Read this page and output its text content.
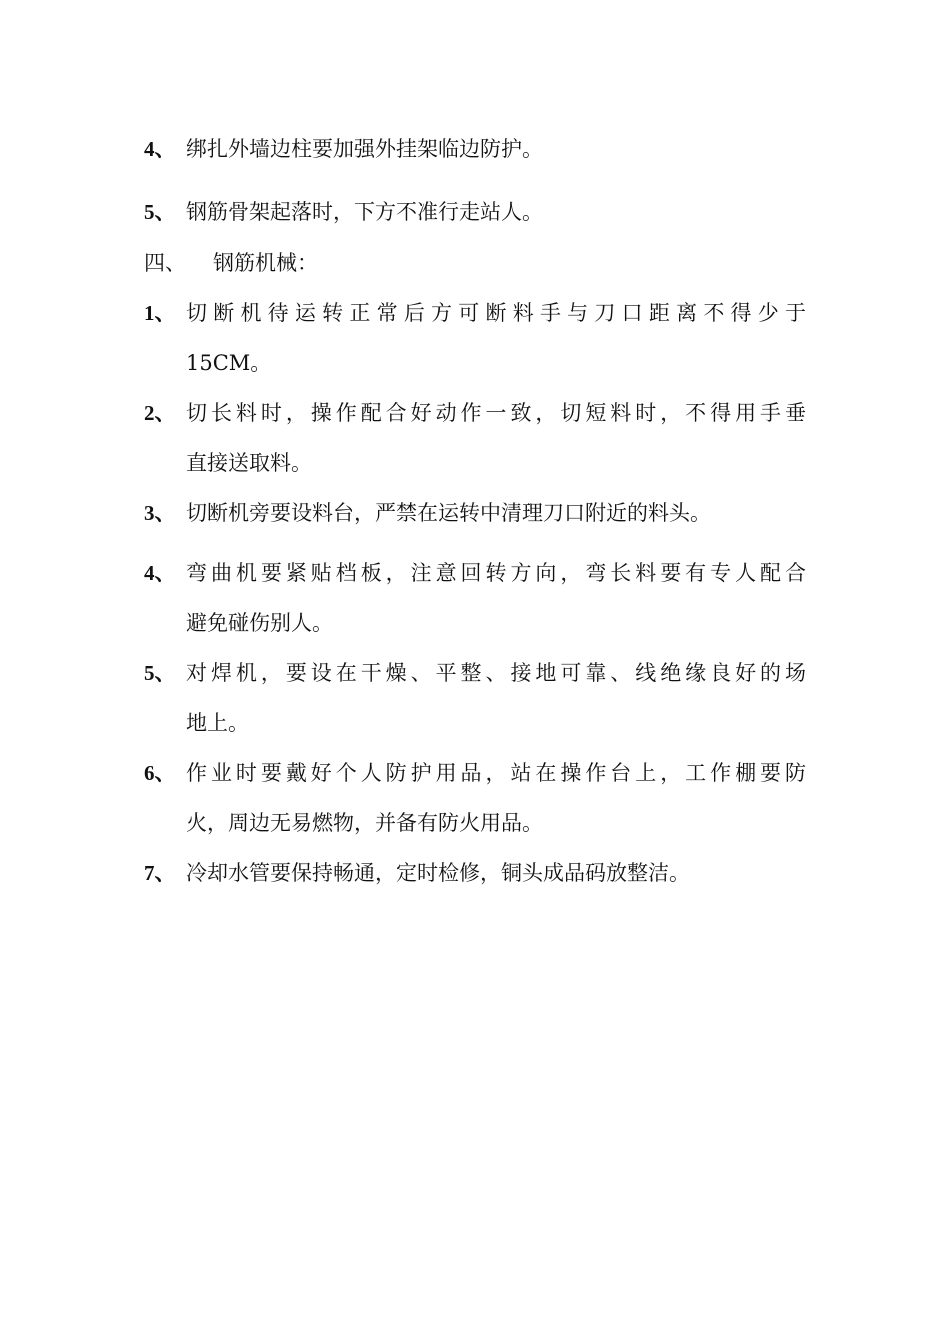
4、 绑扎外墙边柱要加强外挂架临边防护。
5、 钢筋骨架起落时，下方不准行走站人。
四、 钢筋机械：
1、 切断机待运转正常后方可断料手与刀口距离不得少于
15CM。
2、 切长料时，操作配合好动作一致，切短料时，不得用手垂
直接送取料。
3、 切断机旁要设料台，严禁在运转中清理刀口附近的料头。
4、 弯曲机要紧贴档板，注意回转方向，弯长料要有专人配合
避免碰伤别人。
5、 对焊机，要设在干燥、平整、接地可靠、线绝缘良好的场
地上。
6、 作业时要戴好个人防护用品，站在操作台上，工作棚要防
火，周边无易燃物，并备有防火用品。
7、 冷却水管要保持畅通，定时检修，铜头成品码放整洁。
